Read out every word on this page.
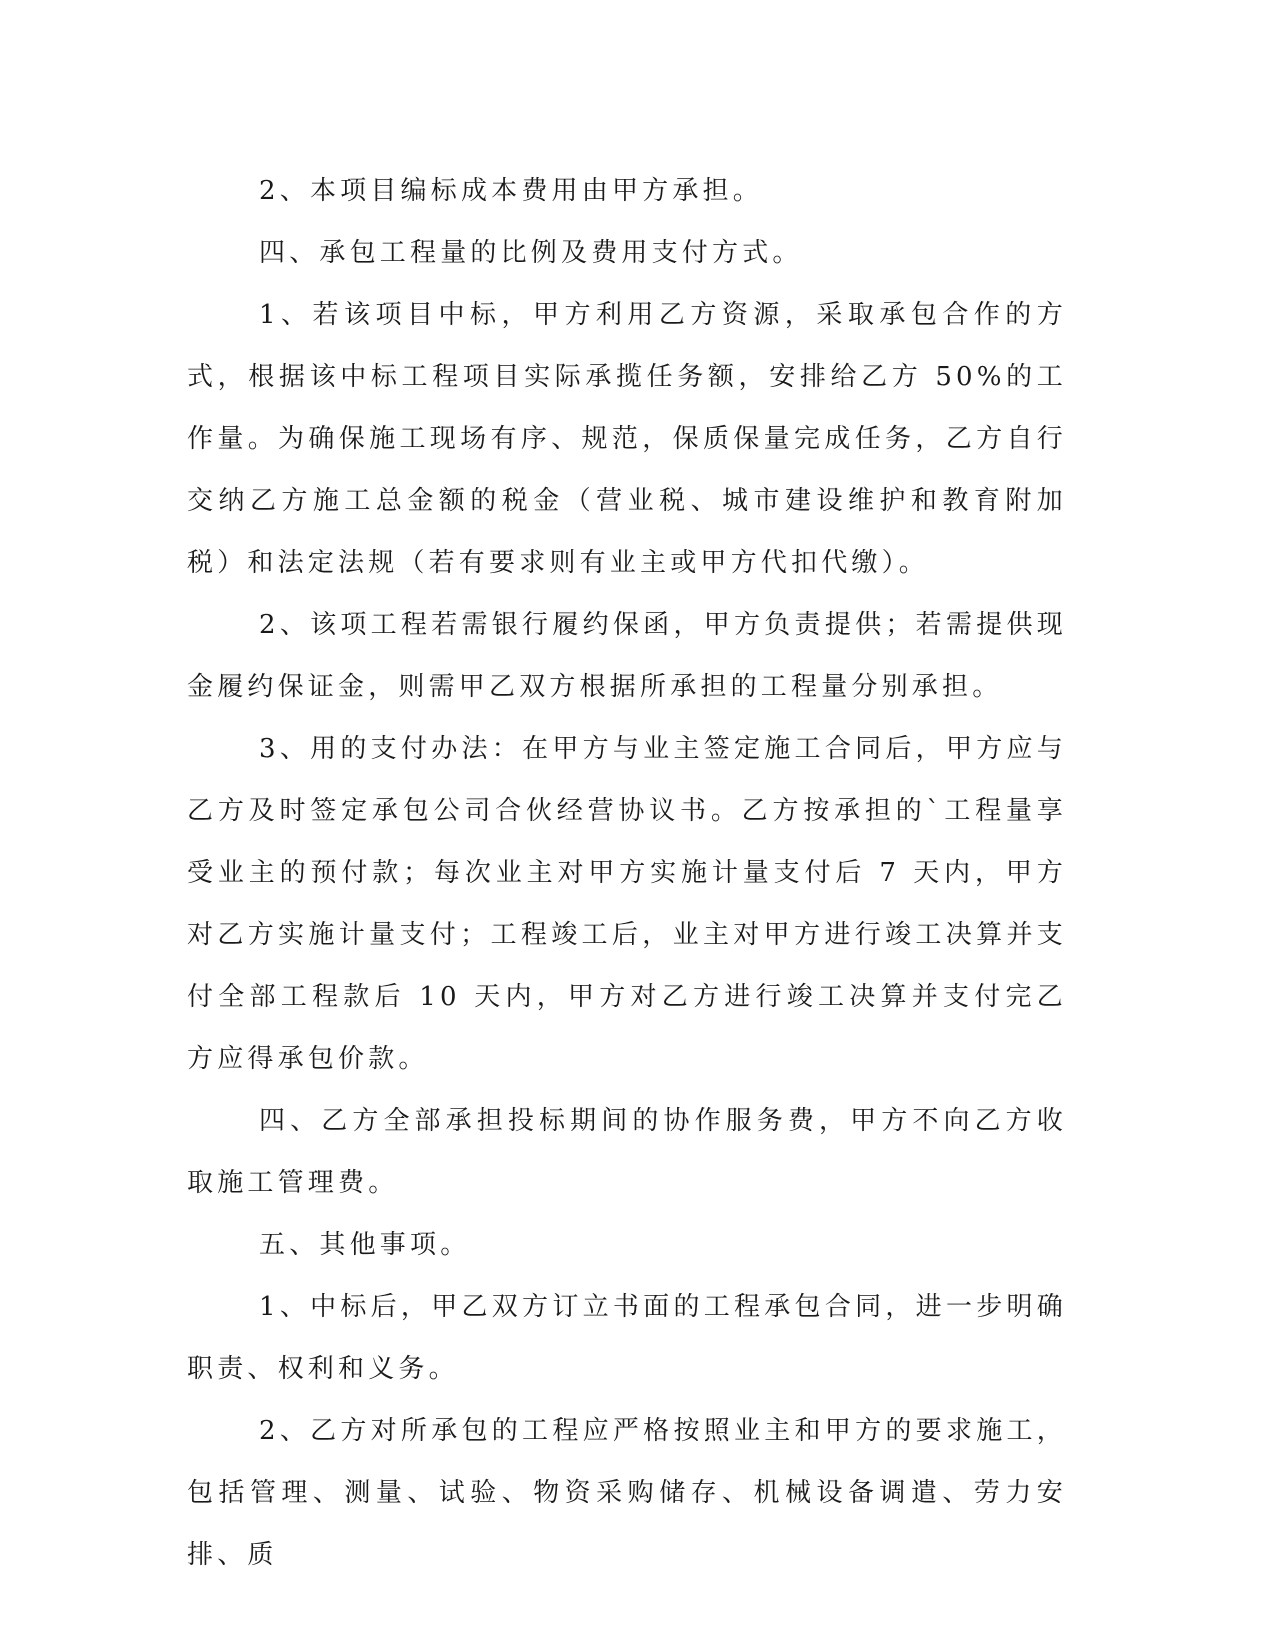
2、本项目编标成本费用由甲方承担。

四、承包工程量的比例及费用支付方式。

1、若该项目中标，甲方利用乙方资源，采取承包合作的方式，根据该中标工程项目实际承揽任务额，安排给乙方 50%的工作量。为确保施工现场有序、规范，保质保量完成任务，乙方自行交纳乙方施工总金额的税金（营业税、城市建设维护和教育附加税）和法定法规（若有要求则有业主或甲方代扣代缴）。

2、该项工程若需银行履约保函，甲方负责提供；若需提供现金履约保证金，则需甲乙双方根据所承担的工程量分别承担。

3、用的支付办法：在甲方与业主签定施工合同后，甲方应与乙方及时签定承包公司合伙经营协议书。乙方按承担的`工程量享受业主的预付款；每次业主对甲方实施计量支付后 7 天内，甲方对乙方实施计量支付；工程竣工后，业主对甲方进行竣工决算并支付全部工程款后 10 天内，甲方对乙方进行竣工决算并支付完乙方应得承包价款。

四、乙方全部承担投标期间的协作服务费，甲方不向乙方收取施工管理费。

五、其他事项。

1、中标后，甲乙双方订立书面的工程承包合同，进一步明确职责、权利和义务。

2、乙方对所承包的工程应严格按照业主和甲方的要求施工，包括管理、测量、试验、物资采购储存、机械设备调遣、劳力安排、质
